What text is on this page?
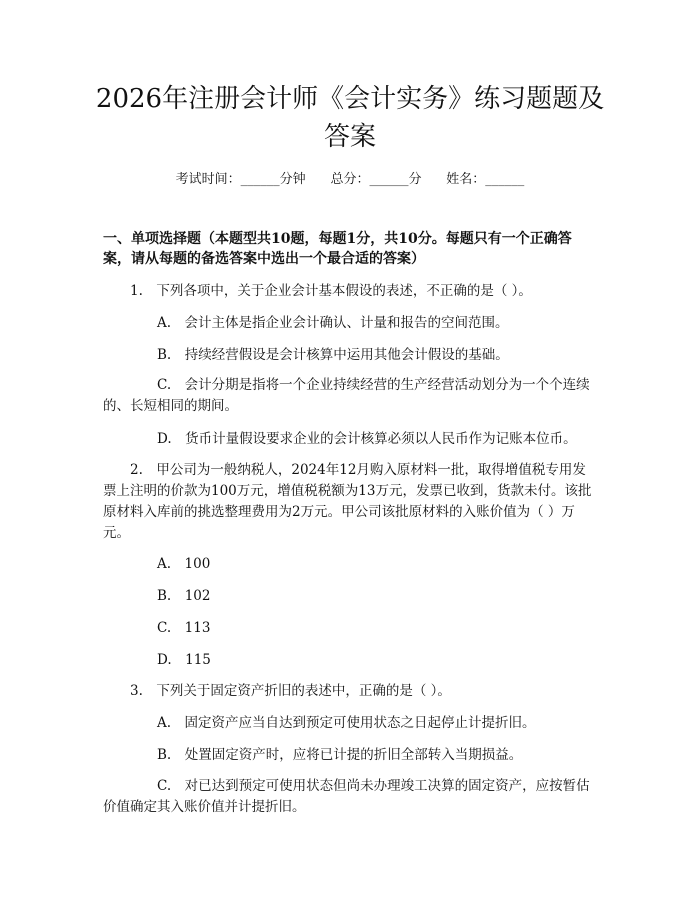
2026年注册会计师《会计实务》练习题题及答案
考试时间：______分钟 总分：______分 姓名：______
一、单项选择题（本题型共10题，每题1分，共10分。每题只有一个正确答案，请从每题的备选答案中选出一个最合适的答案）
1.　下列各项中，关于企业会计基本假设的表述，不正确的是（ ）。
A.　会计主体是指企业会计确认、计量和报告的空间范围。
B.　持续经营假设是会计核算中运用其他会计假设的基础。
C.　会计分期是指将一个企业持续经营的生产经营活动划分为一个个连续的、长短相同的期间。
D.　货币计量假设要求企业的会计核算必须以人民币作为记账本位币。
2.　甲公司为一般纳税人，2024年12月购入原材料一批，取得增值税专用发票上注明的价款为100万元，增值税税额为13万元，发票已收到，货款未付。该批原材料入库前的挑选整理费用为2万元。甲公司该批原材料的入账价值为（ ）万元。
A.　100
B.　102
C.　113
D.　115
3.　下列关于固定资产折旧的表述中，正确的是（ ）。
A.　固定资产应当自达到预定可使用状态之日起停止计提折旧。
B.　处置固定资产时，应将已计提的折旧全部转入当期损益。
C.　对已达到预定可使用状态但尚未办理竣工决算的固定资产，应按暂估价值确定其入账价值并计提折旧。
